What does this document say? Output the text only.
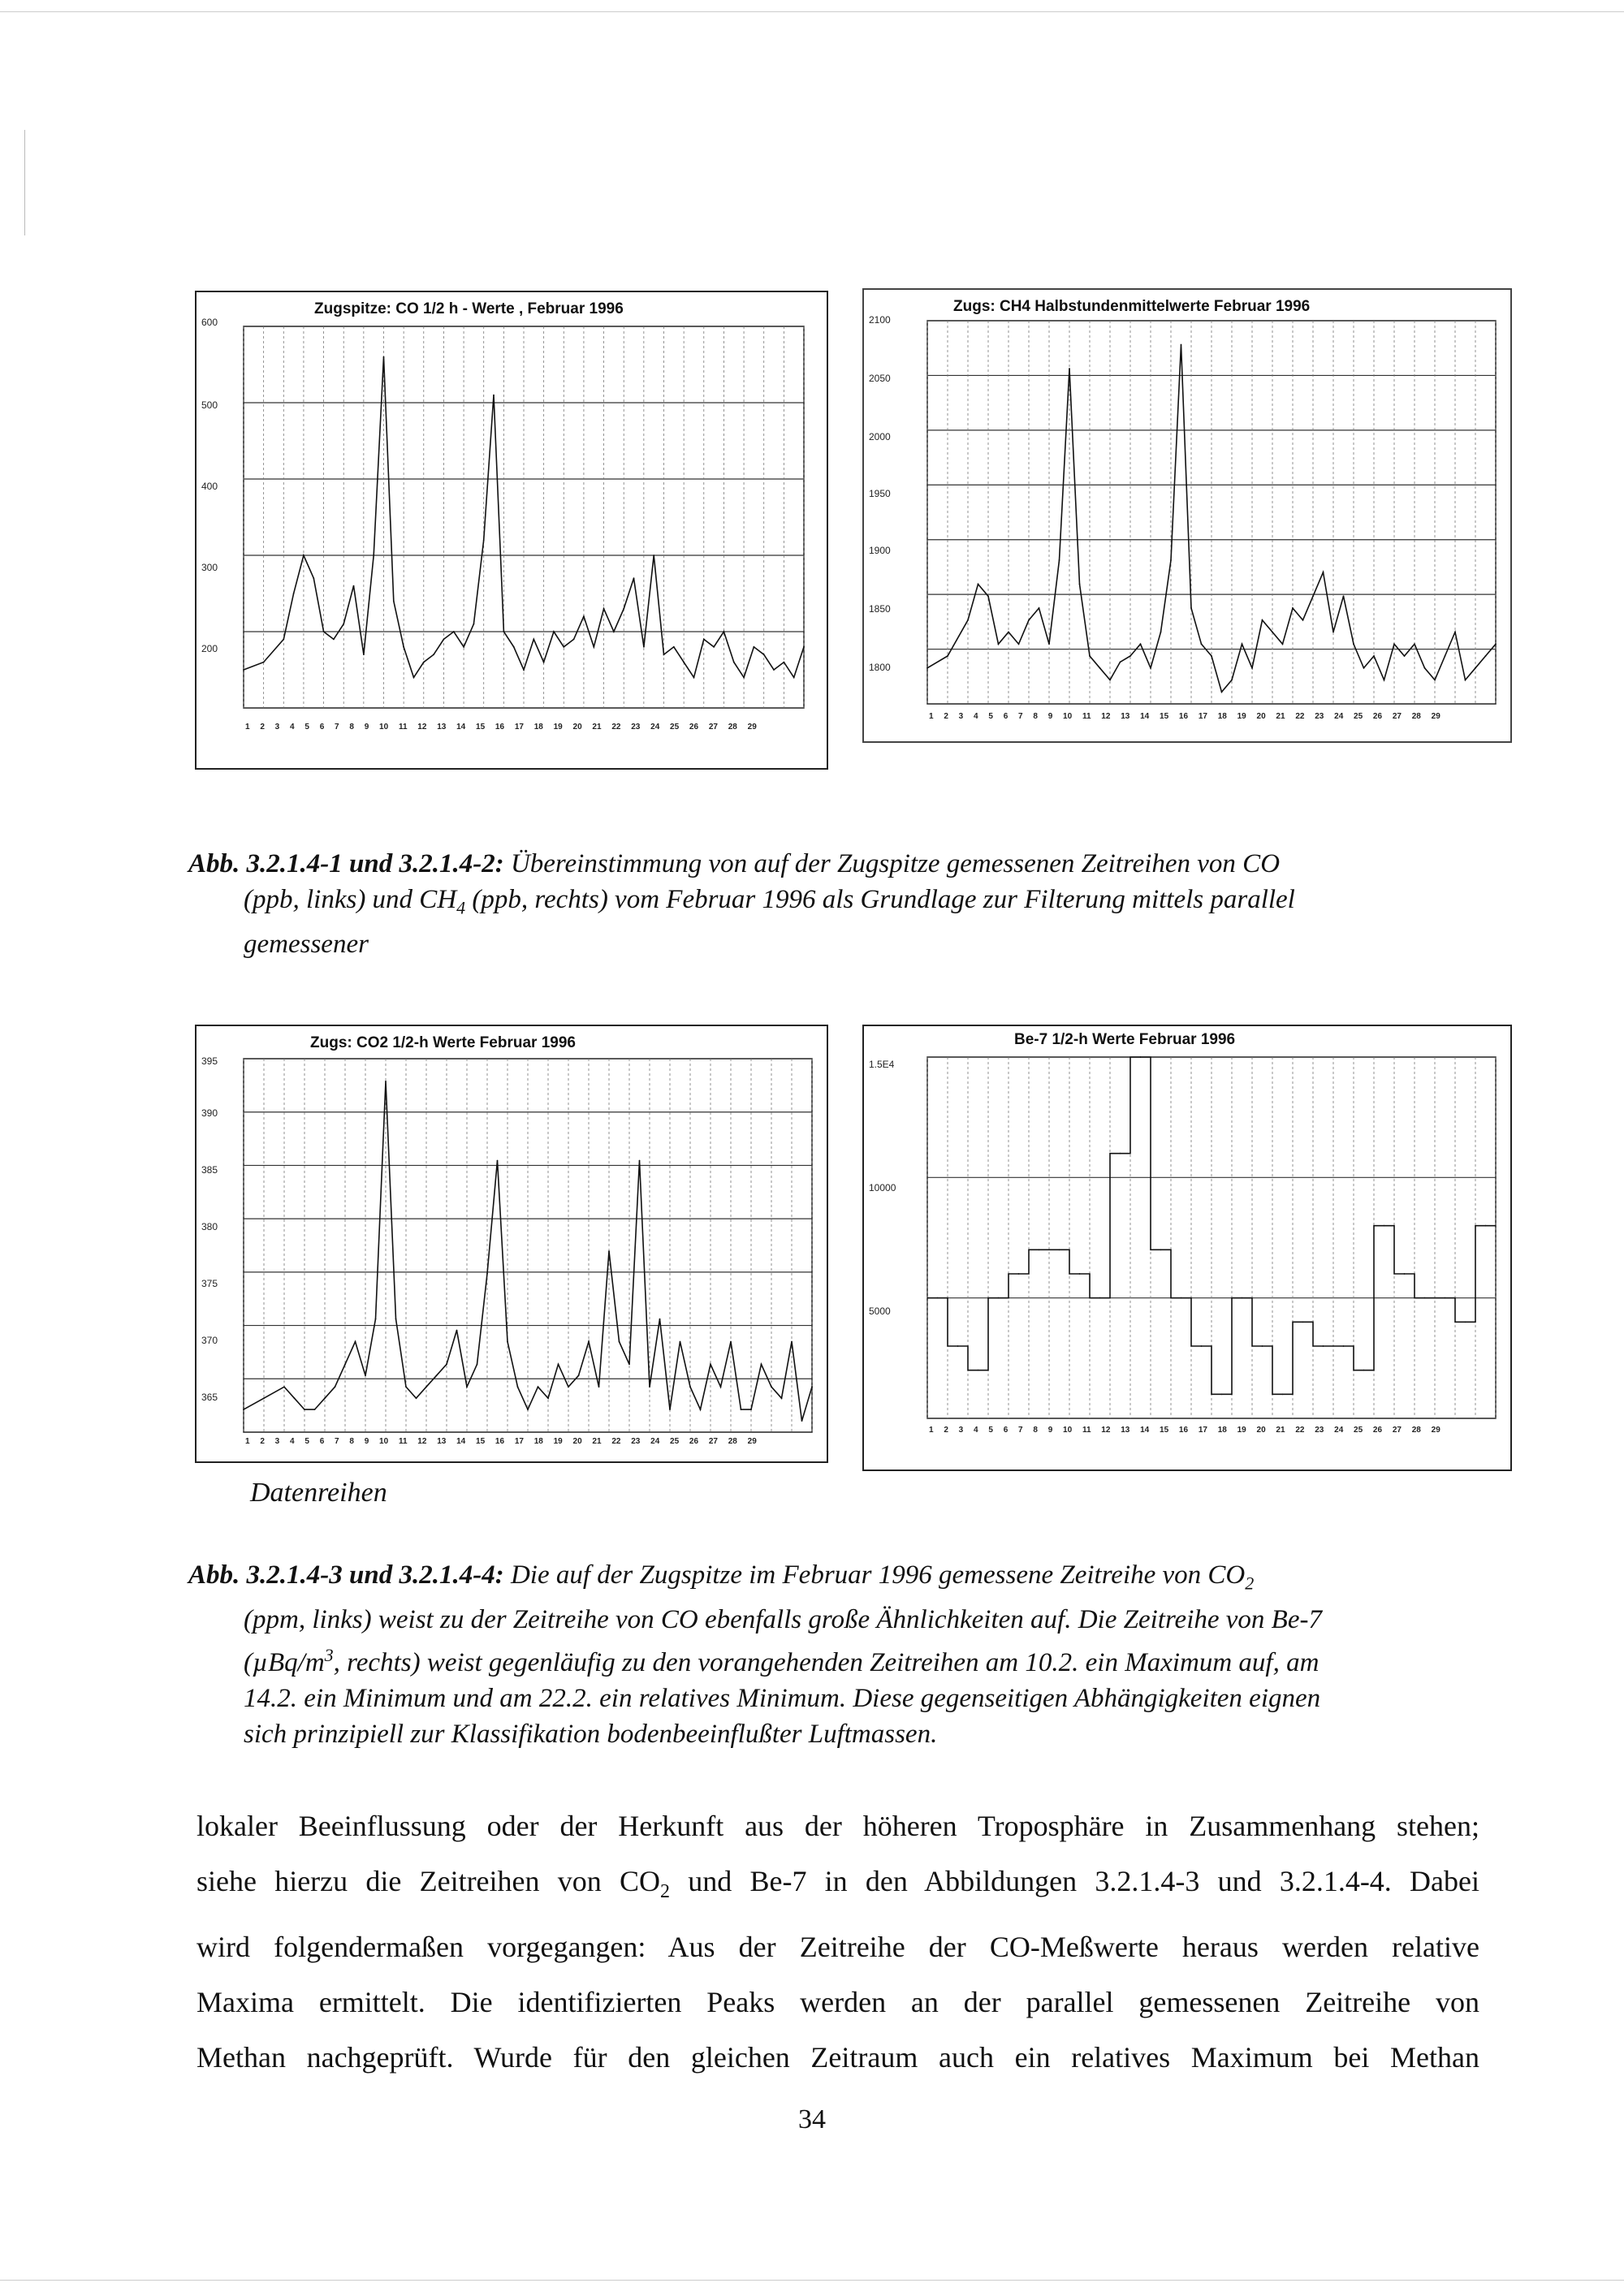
Zugspitze: CO 1/2 h - Werte , Februar 1996
600
500
400
300
200
1 2 3 4 5 6 7 8 9 10 11 12 13 14 15 16 17 18 19 20 21 22 23 24 25 26 27 28 29
Zugs: CH4 Halbstundenmittelwerte Februar 1996
2100
2050
2000
1950
1900
1850
1800
1 2 3 4 5 6 7 8 9 10 11 12 13 14 15 16 17 18 19 20 21 22 23 24 25 26 27 28 29
Abb. 3.2.1.4-1 und 3.2.1.4-2: Übereinstimmung von auf der Zugspitze gemessenen Zeitreihen von CO
(ppb, links) und $CH_4$ (ppb, rechts) vom Februar 1996 als Grundlage zur Filterung mittels parallel
gemessener
Zugs: CO2 1/2-h Werte Februar 1996
395
390
385
380
375
370
365
1 2 3 4 5 6 7 8 9 10 11 12 13 14 15 16 17 18 19 20 21 22 23 24 25 26 27 28 29
Be-7 1/2-h Werte Februar 1996
1.5E4
10000
5000
1 2 3 4 5 6 7 8 9 10 11 12 13 14 15 16 17 18 19 20 21 22 23 24 25 26 27 28 29
Datenreihen
Abb. 3.2.1.4-3 und 3.2.1.4-4: Die auf der Zugspitze im Februar 1996 gemessene Zeitreihe von $CO_2$
(ppm, links) weist zu der Zeitreihe von CO ebenfalls große Ähnlichkeiten auf. Die Zeitreihe von Be-7
($\mu Bq/m^3$, rechts) weist gegenläufig zu den vorangehenden Zeitreihen am 10.2. ein Maximum auf, am
14.2. ein Minimum und am 22.2. ein relatives Minimum. Diese gegenseitigen Abhängigkeiten eignen
sich prinzipiell zur Klassifikation bodenbeeinflußter Luftmassen.
lokaler Beeinflussung oder der Herkunft aus der höheren Troposphäre in Zusammenhang stehen;
siehe hierzu die Zeitreihen von $CO_2$ und Be-7 in den Abbildungen 3.2.1.4-3 und 3.2.1.4-4. Dabei
wird folgendermaßen vorgegangen: Aus der Zeitreihe der CO-Meßwerte heraus werden relative
Maxima ermittelt. Die identifizierten Peaks werden an der parallel gemessenen Zeitreihe von
Methan nachgeprüft. Wurde für den gleichen Zeitraum auch ein relatives Maximum bei Methan
34
